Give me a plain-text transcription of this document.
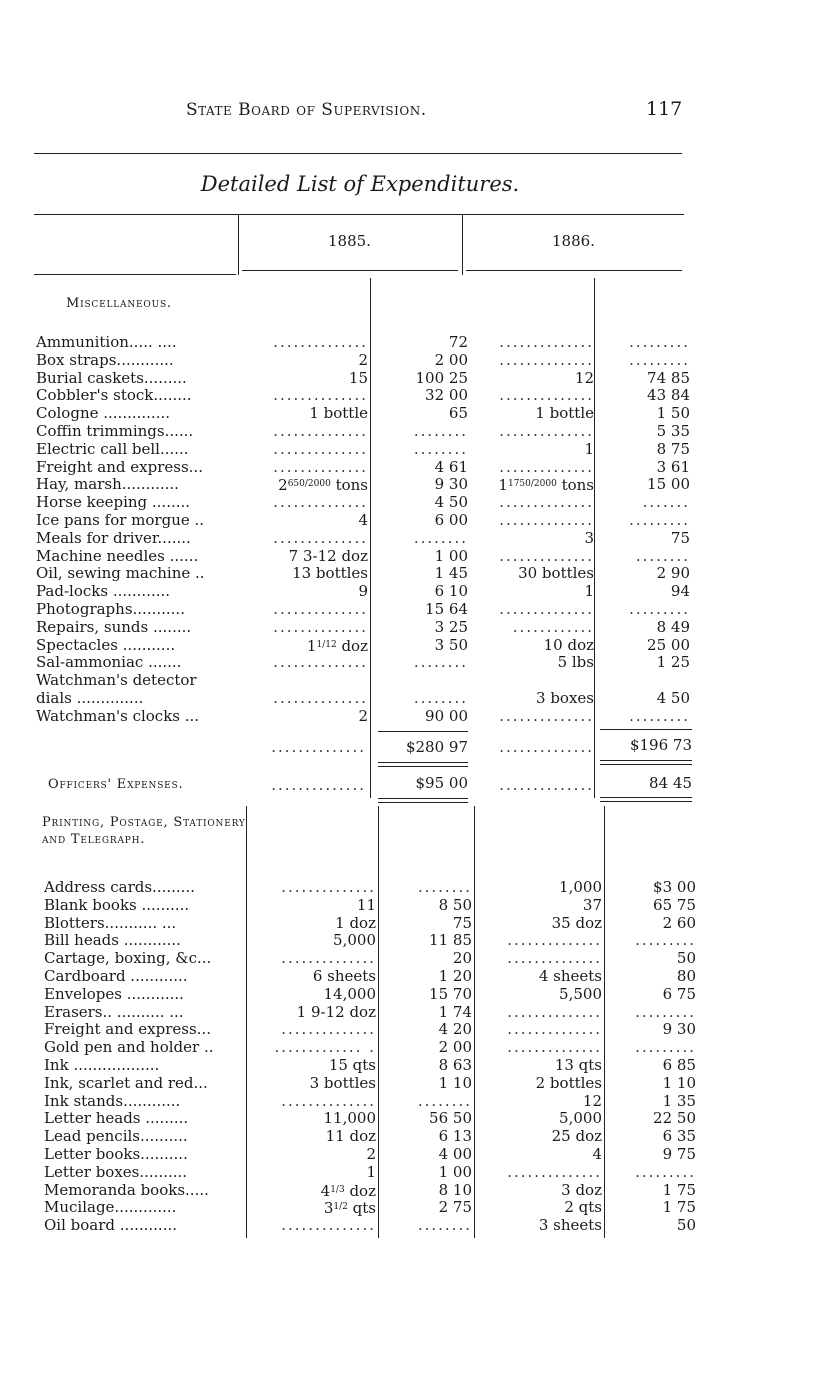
State Board of Supervision.	117
Detailed List of Expenditures.
1885.	1886.
Miscellaneous.
Ammunition..... ....	..............	72	..............	.........
Box straps............	2	2 00	..............	.........
Burial caskets.........	15	100 25	12	74 85
Cobbler's stock........	..............	32 00	..............	43 84
Cologne ..............	1 bottle	65	1 bottle	1 50
Coffin trimmings......	..............	........	..............	5 35
Electric call bell......	..............	........	1	8 75
Freight and express...	..............	4 61	..............	3 61
Hay, marsh............	$2^{650/2000}$ tons	9 30	$1^{1750/2000}$ tons	15 00
Horse keeping ........	..............	4 50	..............	.......
Ice pans for morgue ..	4	6 00	..............	.........
Meals for driver.......	..............	........	3	75
Machine needles ......	7 3-12 doz	1 00	..............	........
Oil, sewing machine ..	13 bottles	1 45	30 bottles	2 90
Pad-locks ............	9	6 10	1	94
Photographs...........	..............	15 64	..............	.........
Repairs, sunds ........	..............	3 25	............	8 49
Spectacles ...........	$1^{1/12}$ doz	3 50	10 doz	25 00
Sal-ammoniac .......	..............	........	5 lbs	1 25
Watchman's detector
dials ..............	..............	........	3 boxes	4 50
Watchman's clocks ...	2	90 00	..............	.........
..............	$280 97	..............	$196 73
Officers' Expenses.	..............	$95 00	..............	84 45
Printing, Postage, Stationery and Telegraph.
Address cards.........	..............	........	1,000	$3 00
Blank books ..........	11	8 50	37	65 75
Blotters........... ...	1 doz	75	35 doz	2 60
Bill heads ............	5,000	11 85	..............	.........
Cartage, boxing, &c...	..............	20	..............	50
Cardboard ............	6 sheets	1 20	4 sheets	80
Envelopes ............	14,000	15 70	5,500	6 75
Erasers.. .......... ...	1 9-12 doz	1 74	..............	.........
Freight and express...	..............	4 20	..............	9 30
Gold pen and holder ..	............. .	2 00	..............	.........
Ink ..................	15 qts	8 63	13 qts	6 85
Ink, scarlet and red...	3 bottles	1 10	2 bottles	1 10
Ink stands............	..............	........	12	1 35
Letter heads .........	11,000	56 50	5,000	22 50
Lead pencils..........	11 doz	6 13	25 doz	6 35
Letter books..........	2	4 00	4	9 75
Letter boxes..........	1	1 00	..............	.........
Memoranda books.....	$4^{1/3}$ doz	8 10	3 doz	1 75
Mucilage.............	$3^{1/2}$ qts	2 75	2 qts	1 75
Oil board ............	..............	........	3 sheets	50
